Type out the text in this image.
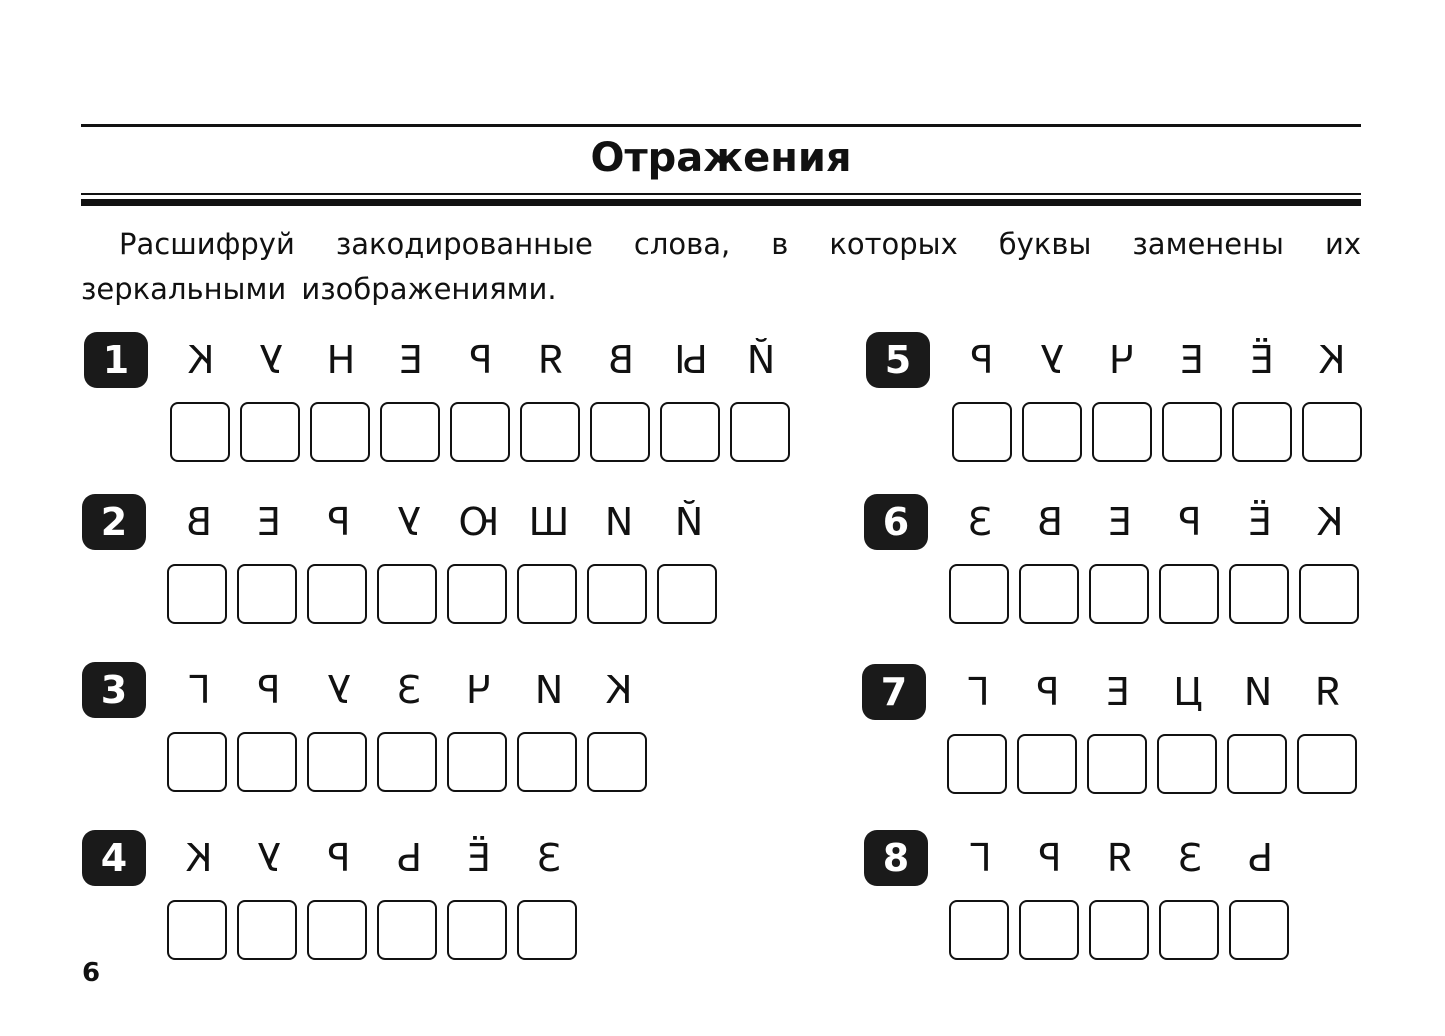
Отражения

Расшифруй закодированные слова, в которых буквы заменены их зеркальными изображениями.

1	К	У	Н	Е	Р	Я	В	Ы	Й
2	В	Е	Р	У Ю Ш И	Й
3	Г	Р	У	З	Ч	И	К
4	К	У	Р	Ь	Ё	З
5	Р	У	Ч	Е	Ё	К
6	З	В	Е	Р	Ё	К
7	Г	Р	Е	Ц	И	Я
8	Г	Р	Я	З	Ь
6
